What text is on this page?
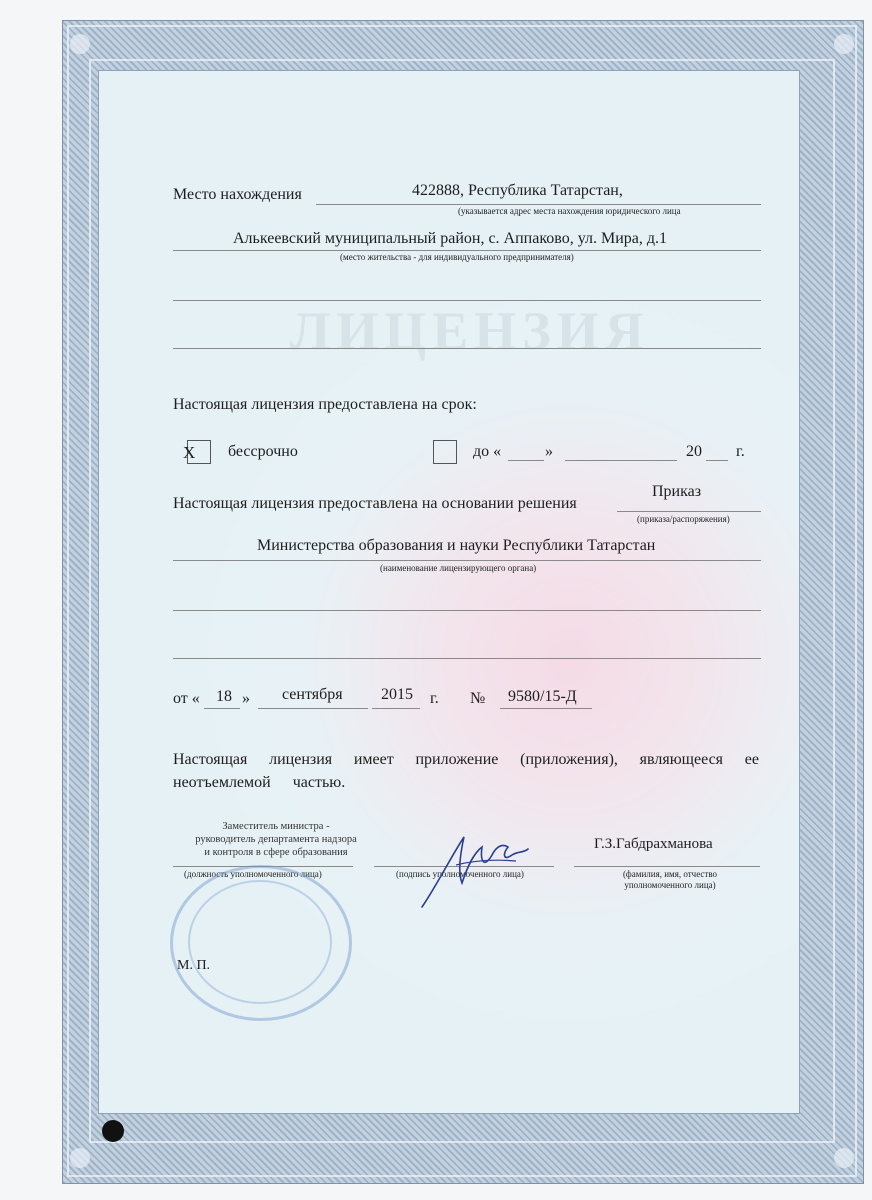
ЛИЦЕНЗИЯ
Место нахождения	422888, Республика Татарстан,
(указывается адрес места нахождения юридического лица
Алькеевский муниципальный район, с. Аппаково, ул. Мира, д.1
(место жительства - для индивидуального предпринимателя)
Настоящая лицензия предоставлена на срок:
X бессрочно	до «	»	20 г.
Настоящая лицензия предоставлена на основании решения
Приказ
(приказа/распоряжения)
Министерства образования и науки Республики Татарстан
(наименование лицензирующего органа)
от « 18 » сентября 2015 г. № 9580/15-Д
Настоящая лицензия имеет приложение (приложения), являющееся ее
неотъемлемой частью.
Заместитель министра -
руководитель департамента надзора
и контроля в сфере образования
(должность уполномоченного лица)	(подпись уполномоченного лица)
Г.З.Габдрахманова
(фамилия, имя, отчество
уполномоченного лица)
М. П.
